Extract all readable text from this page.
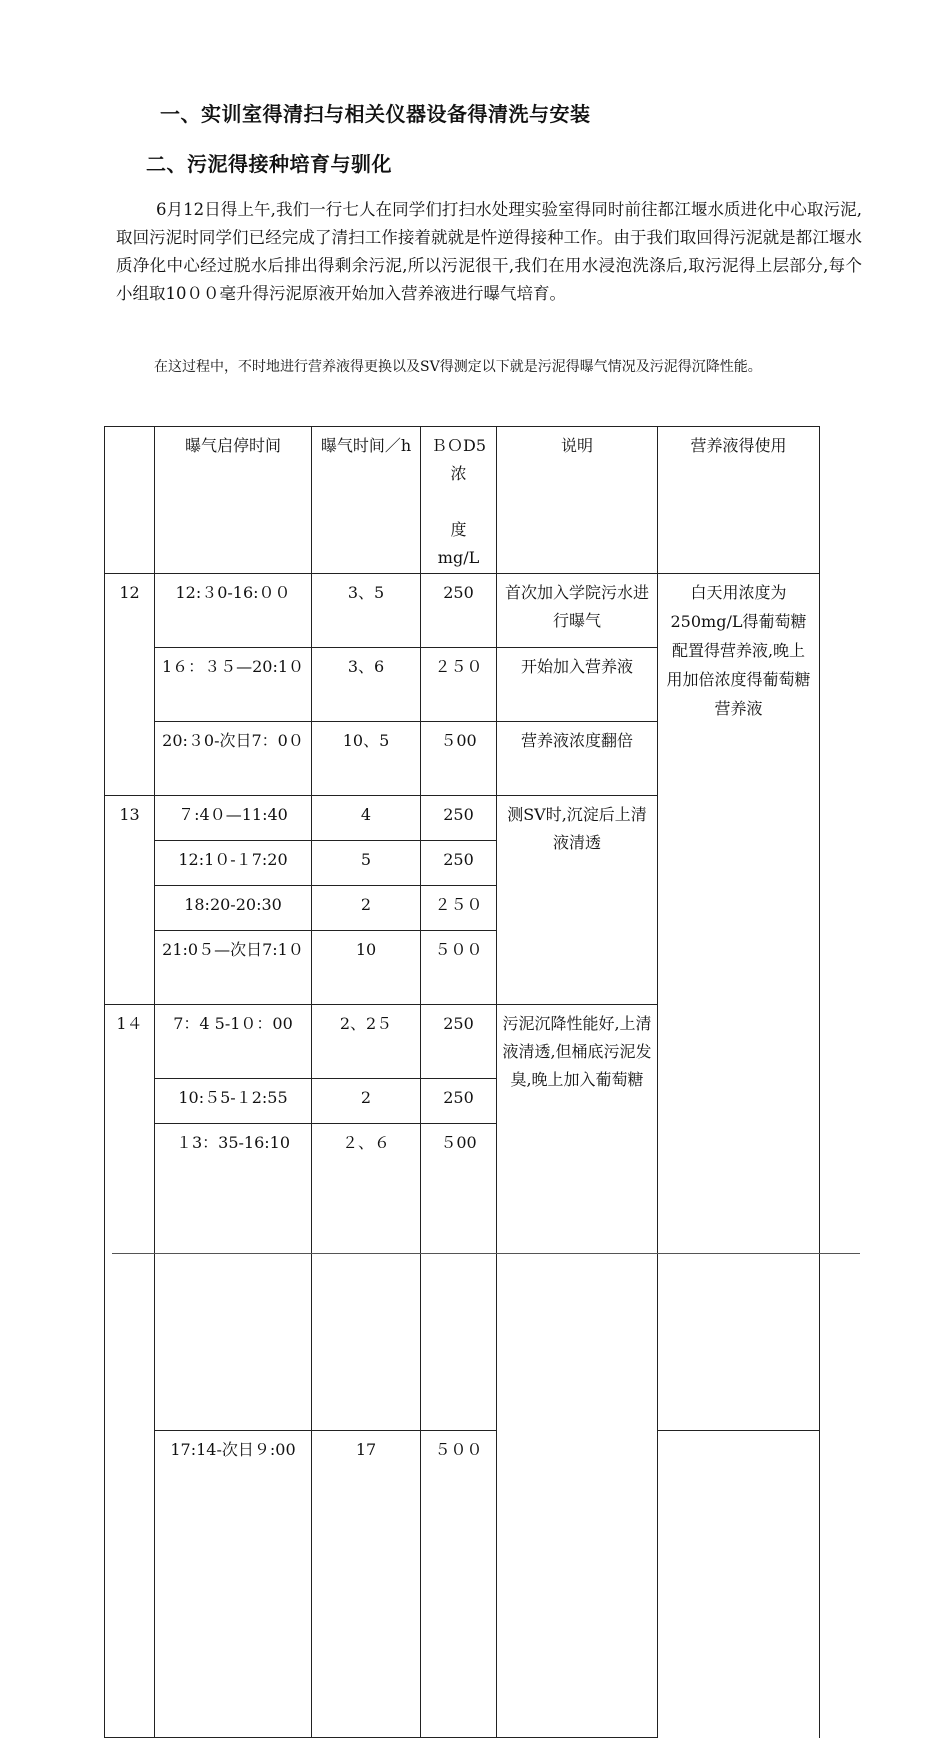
一、实训室得清扫与相关仪器设备得清洗与安装
二、污泥得接种培育与驯化

6月12日得上午,我们一行七人在同学们打扫水处理实验室得同时前往都江堰水质进化中心取污泥,取回污泥时同学们已经完成了清扫工作接着就就是忤逆得接种工作。由于我们取回得污泥就是都江堰水质净化中心经过脱水后排出得剩余污泥,所以污泥很干,我们在用水浸泡洗涤后,取污泥得上层部分,每个小组取10００毫升得污泥原液开始加入营养液进行曝气培育。

在这过程中，不时地进行营养液得更换以及SV得测定以下就是污泥得曝气情况及污泥得沉降性能。

	曝气启停时间	曝气时间／h	ＢＯD5浓

度
mg/L	说明	营养液得使用	
12	12:３0-16:００	3、5	250	首次加入学院污水进行曝气	白天用浓度为250mg/L得葡萄糖配置得营养液,晚上用加倍浓度得葡萄糖营养液	
	1６：３５—20:1０	3、6	２５０	开始加入营养液		
	20:３0-次日7：0０	10、5	５00	营养液浓度翻倍		
13	７:4０—11:40	4	250	测SV时,沉淀后上清液清透		
	12:1０-１7:20	5	250			
	18:20-20:30	2	２５０			
	21:0５—次日7:1０	10	５００			
1４	7：4 5-1０：00	2、2５	250	污泥沉降性能好,上清液清透,但桶底污泥发臭,晚上加入葡萄糖		
	10:５5-１2:55	2	250			
	１3：35-16:10	２、６	５00	
	17:14-次日９:00	17	５００			
